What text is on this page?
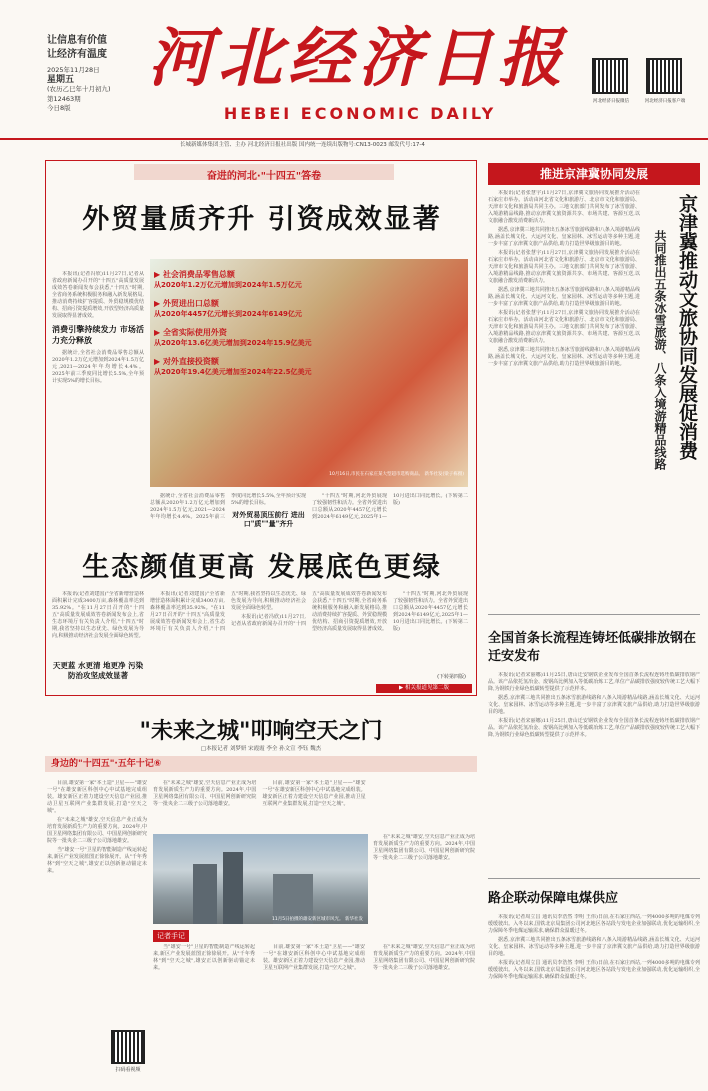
让信息有价值
让经济有温度
2025年11月28日
星期五
(农历乙巳年十月初九)
第12463期
今日8版
河北经济日报
HEBEI ECONOMIC DAILY
河北经济日报微信	河北经济日报客户端
长城新媒体集团主管、主办 河北经济日报社出版 国内统一连续出版物号:CN13-0023 邮发代号:17-4
奋进的河北·"十四五"答卷
外贸量质齐升 引资成效显著

本报讯(记者冯欣)11月27日,记者从省政府新闻办召开的"十四五"高质量发展成效答卷新闻发布会获悉,"十四五"时期,全省商务系统积极服务和融入新发展格局,推动消费持续扩容提质、外贸稳规模优结构、招商引资提质增效,开放型经济高质量发展取得显著成效。

消费引擎持续发力 市场活力充分释放

据统计,全省社会消费品零售总额从2020年1.2万亿元增加到2024年1.5万亿元,2021—2024年年均增长4.4%。2025年前三季度同比增长5.5%,全年预计实现5%的增长目标。

▶ 社会消费品零售总额
从2020年1.2万亿元增加到2024年1.5万亿元
▶ 外贸进出口总额
从2020年4457亿元增长到2024年6149亿元
▶ 全省实际使用外资
从2020年13.6亿美元增加到2024年15.9亿美元
▶ 对外直接投资额
从2020年19.4亿美元增加至2024年22.5亿美元
10月16日,市民在石家庄某大型超市选购商品。 新华社发(梁子栋摄)

据统计,全省社会消费品零售总额从2020年1.2万亿元增加到2024年1.5万亿元,2021—2024年年均增长4.4%。2025年前三季度同比增长5.5%,全年预计实现5%的增长目标。

对外贸易顶压前行 进出口"质""量"齐升

"十四五"时期,河北外贸展现了较强韧性和活力。全省外贸进出口总额从2020年4457亿元增长到2024年6149亿元,2025年1—10月进出口同比增长。(下转第二版)

生态颜值更高 发展底色更绿

本报讯(记者刘建国)"全省新增营造林面积累计完成3400万亩,森林覆盖率达到35.92%。"在11月27日召开的"十四五"高质量发展成效答卷新闻发布会上,省生态环境厅有关负责人介绍,"十四五"时期,我省坚持以生态优先、绿色发展为导向,积极推动经济社会发展全面绿色转型。

天更蓝 水更清 地更净 污染防治攻坚成效显著

本报讯(记者刘建国)"全省新增营造林面积累计完成3400万亩,森林覆盖率达到35.92%。"在11月27日召开的"十四五"高质量发展成效答卷新闻发布会上,省生态环境厅有关负责人介绍,"十四五"时期,我省坚持以生态优先、绿色发展为导向,积极推动经济社会发展全面绿色转型。

本报讯(记者冯欣)11月27日,记者从省政府新闻办召开的"十四五"高质量发展成效答卷新闻发布会获悉,"十四五"时期,全省商务系统积极服务和融入新发展格局,推动消费持续扩容提质、外贸稳规模优结构、招商引资提质增效,开放型经济高质量发展取得显著成效。

"十四五"时期,河北外贸展现了较强韧性和活力。全省外贸进出口总额从2020年4457亿元增长到2024年6149亿元,2025年1—10月进出口同比增长。(下转第二版)

(下转第四版)
▶ 相关报道见第二版
"未来之城"叩响空天之门
□本报记者 刘梦妍 宋霞霞 李全 孙文宣 李钰 魏杰
身边的"十四五"·五年十记⑥

目前,雄安第一家"本土造"卫星——"雄安一号"在雄安新区科创中心中试基地完成组装。雄安新区正着力建设空天信息产业园,推动卫星互联网产业集群发展,打造"空天之城"。

在"未来之城"雄安,空天信息产业正成为培育发展新质生产力的重要方向。2024年,中国卫星网络集团有限公司、中国星网创新研究院等一批央企二三级子公司落地雄安。

当"雄安一号"卫星的智能制造产线运转起来,新区产业发展蓝图正徐徐展开。从"千年秀林"到"空天之城",雄安正以创新驱动锚定未来。

在"未来之城"雄安,空天信息产业正成为培育发展新质生产力的重要方向。2024年,中国卫星网络集团有限公司、中国星网创新研究院等一批央企二三级子公司落地雄安。

目前,雄安第一家"本土造"卫星——"雄安一号"在雄安新区科创中心中试基地完成组装。雄安新区正着力建设空天信息产业园,推动卫星互联网产业集群发展,打造"空天之城"。

11月5日拍摄的雄安新区城市风光。 新华社发

在"未来之城"雄安,空天信息产业正成为培育发展新质生产力的重要方向。2024年,中国卫星网络集团有限公司、中国星网创新研究院等一批央企二三级子公司落地雄安。

记者手记

当"雄安一号"卫星的智能制造产线运转起来,新区产业发展蓝图正徐徐展开。从"千年秀林"到"空天之城",雄安正以创新驱动锚定未来。

目前,雄安第一家"本土造"卫星——"雄安一号"在雄安新区科创中心中试基地完成组装。雄安新区正着力建设空天信息产业园,推动卫星互联网产业集群发展,打造"空天之城"。

在"未来之城"雄安,空天信息产业正成为培育发展新质生产力的重要方向。2024年,中国卫星网络集团有限公司、中国星网创新研究院等一批央企二三级子公司落地雄安。

扫码看视频
推进京津冀协同发展
京津冀推动文旅协同发展促消费
共同推出五条冰雪旅游、八条入境游精品线路

本报讯(记者张慧宇)11月27日,京津冀文旅协同发展推介活动在石家庄市举办。活动由河北省文化和旅游厅、北京市文化和旅游局、天津市文化和旅游局共同主办。三地文旅部门共同发布了冰雪旅游、入境游精品线路,推动京津冀文旅资源共享、市场共建、客源互送,以文旅融合激发消费新活力。

据悉,京津冀三地共同推出五条冰雪旅游线路和八条入境游精品线路,涵盖长城文化、大运河文化、皇家园林、冰雪运动等多种主题,进一步丰富了京津冀文旅产品供给,助力打造世界级旅游目的地。

本报讯(记者张慧宇)11月27日,京津冀文旅协同发展推介活动在石家庄市举办。活动由河北省文化和旅游厅、北京市文化和旅游局、天津市文化和旅游局共同主办。三地文旅部门共同发布了冰雪旅游、入境游精品线路,推动京津冀文旅资源共享、市场共建、客源互送,以文旅融合激发消费新活力。

据悉,京津冀三地共同推出五条冰雪旅游线路和八条入境游精品线路,涵盖长城文化、大运河文化、皇家园林、冰雪运动等多种主题,进一步丰富了京津冀文旅产品供给,助力打造世界级旅游目的地。

本报讯(记者张慧宇)11月27日,京津冀文旅协同发展推介活动在石家庄市举办。活动由河北省文化和旅游厅、北京市文化和旅游局、天津市文化和旅游局共同主办。三地文旅部门共同发布了冰雪旅游、入境游精品线路,推动京津冀文旅资源共享、市场共建、客源互送,以文旅融合激发消费新活力。

据悉,京津冀三地共同推出五条冰雪旅游线路和八条入境游精品线路,涵盖长城文化、大运河文化、皇家园林、冰雪运动等多种主题,进一步丰富了京津冀文旅产品供给,助力打造世界级旅游目的地。

全国首条长流程连铸坯低碳排放钢在迁安发布

本报讯(记者宋丽娜)11月25日,唐山迁安钢铁企业发布全国首条长流程连铸坯低碳排放钢产品。该产品依托氢冶金、废钢高比例加入等低碳冶炼工艺,单位产品碳排放强度较传统工艺大幅下降,为钢铁行业绿色低碳转型提供了示范样本。

据悉,京津冀三地共同推出五条冰雪旅游线路和八条入境游精品线路,涵盖长城文化、大运河文化、皇家园林、冰雪运动等多种主题,进一步丰富了京津冀文旅产品供给,助力打造世界级旅游目的地。

本报讯(记者宋丽娜)11月25日,唐山迁安钢铁企业发布全国首条长流程连铸坯低碳排放钢产品。该产品依托氢冶金、废钢高比例加入等低碳冶炼工艺,单位产品碳排放强度较传统工艺大幅下降,为钢铁行业绿色低碳转型提供了示范样本。

路企联动保障电煤供应

本报讯(记者周立昌 通讯员李浩然 李明 王伟)日前,在石家庄西站,一列4000多吨的电煤专列缓缓驶出。入冬以来,国铁北京局集团公司河北地区各站段与发电企业加强联动,优化运输组织,全力保障冬季电煤运输需求,确保群众温暖过冬。

据悉,京津冀三地共同推出五条冰雪旅游线路和八条入境游精品线路,涵盖长城文化、大运河文化、皇家园林、冰雪运动等多种主题,进一步丰富了京津冀文旅产品供给,助力打造世界级旅游目的地。

本报讯(记者周立昌 通讯员李浩然 李明 王伟)日前,在石家庄西站,一列4000多吨的电煤专列缓缓驶出。入冬以来,国铁北京局集团公司河北地区各站段与发电企业加强联动,优化运输组织,全力保障冬季电煤运输需求,确保群众温暖过冬。
